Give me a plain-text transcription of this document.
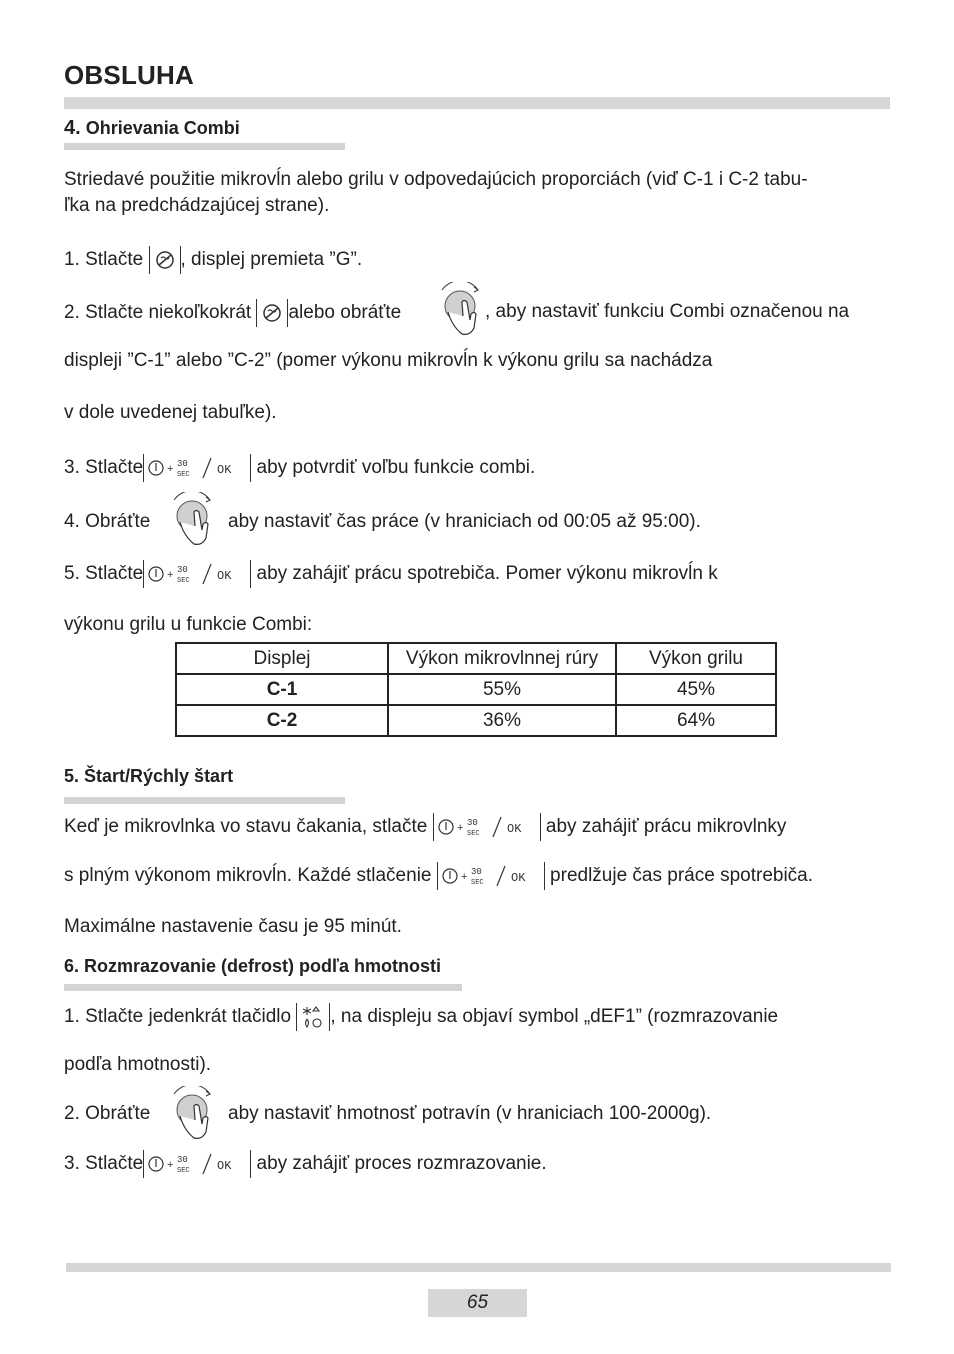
OBSLUHA
4. Ohrievania Combi
Striedavé použitie mikrovĺn alebo grilu v odpovedajúcich proporciách (viď C-1 i C-2 tabu-
ľka na predchádzajúcej strane).
1. Stlačte , displej premieta ”G”.
2. Stlačte niekoľkokrát alebo obráťte	, aby nastaviť funkciu Combi označenou na
displeji ”C-1” alebo ”C-2” (pomer výkonu mikrovĺn k výkonu grilu sa nachádza
v dole uvedenej tabuľke).
3. Stlačte + 30
SEC OK aby potvrdiť voľbu funkcie combi.
4. Obráťte	aby nastaviť čas práce (v hraniciach od 00:05 až 95:00).
5. Stlačte + 30
SEC OK aby zahájiť prácu spotrebiča. Pomer výkonu mikrovĺn k
výkonu grilu u funkcie Combi:
Displej	Výkon mikrovlnnej rúry	Výkon grilu
C-1	55%	45%
C-2	36%	64%
5. Štart/Rýchly štart
Keď je mikrovlnka vo stavu čakania, stlačte	+ 30
SEC OK aby zahájiť prácu mikrovlnky
s plným výkonom mikrovĺn. Každé stlačenie	+ 30
SEC OK predlžuje čas práce spotrebiča.
Maximálne nastavenie času je 95 minút.
6. Rozmrazovanie (defrost) podľa hmotnosti
1. Stlačte jedenkrát tlačidlo , na displeju sa objaví symbol „dEF1” (rozmrazovanie
podľa hmotnosti).
2. Obráťte	aby nastaviť hmotnosť potravín (v hraniciach 100-2000g).
3. Stlačte + 30
SEC OK aby zahájiť proces rozmrazovanie.
65
